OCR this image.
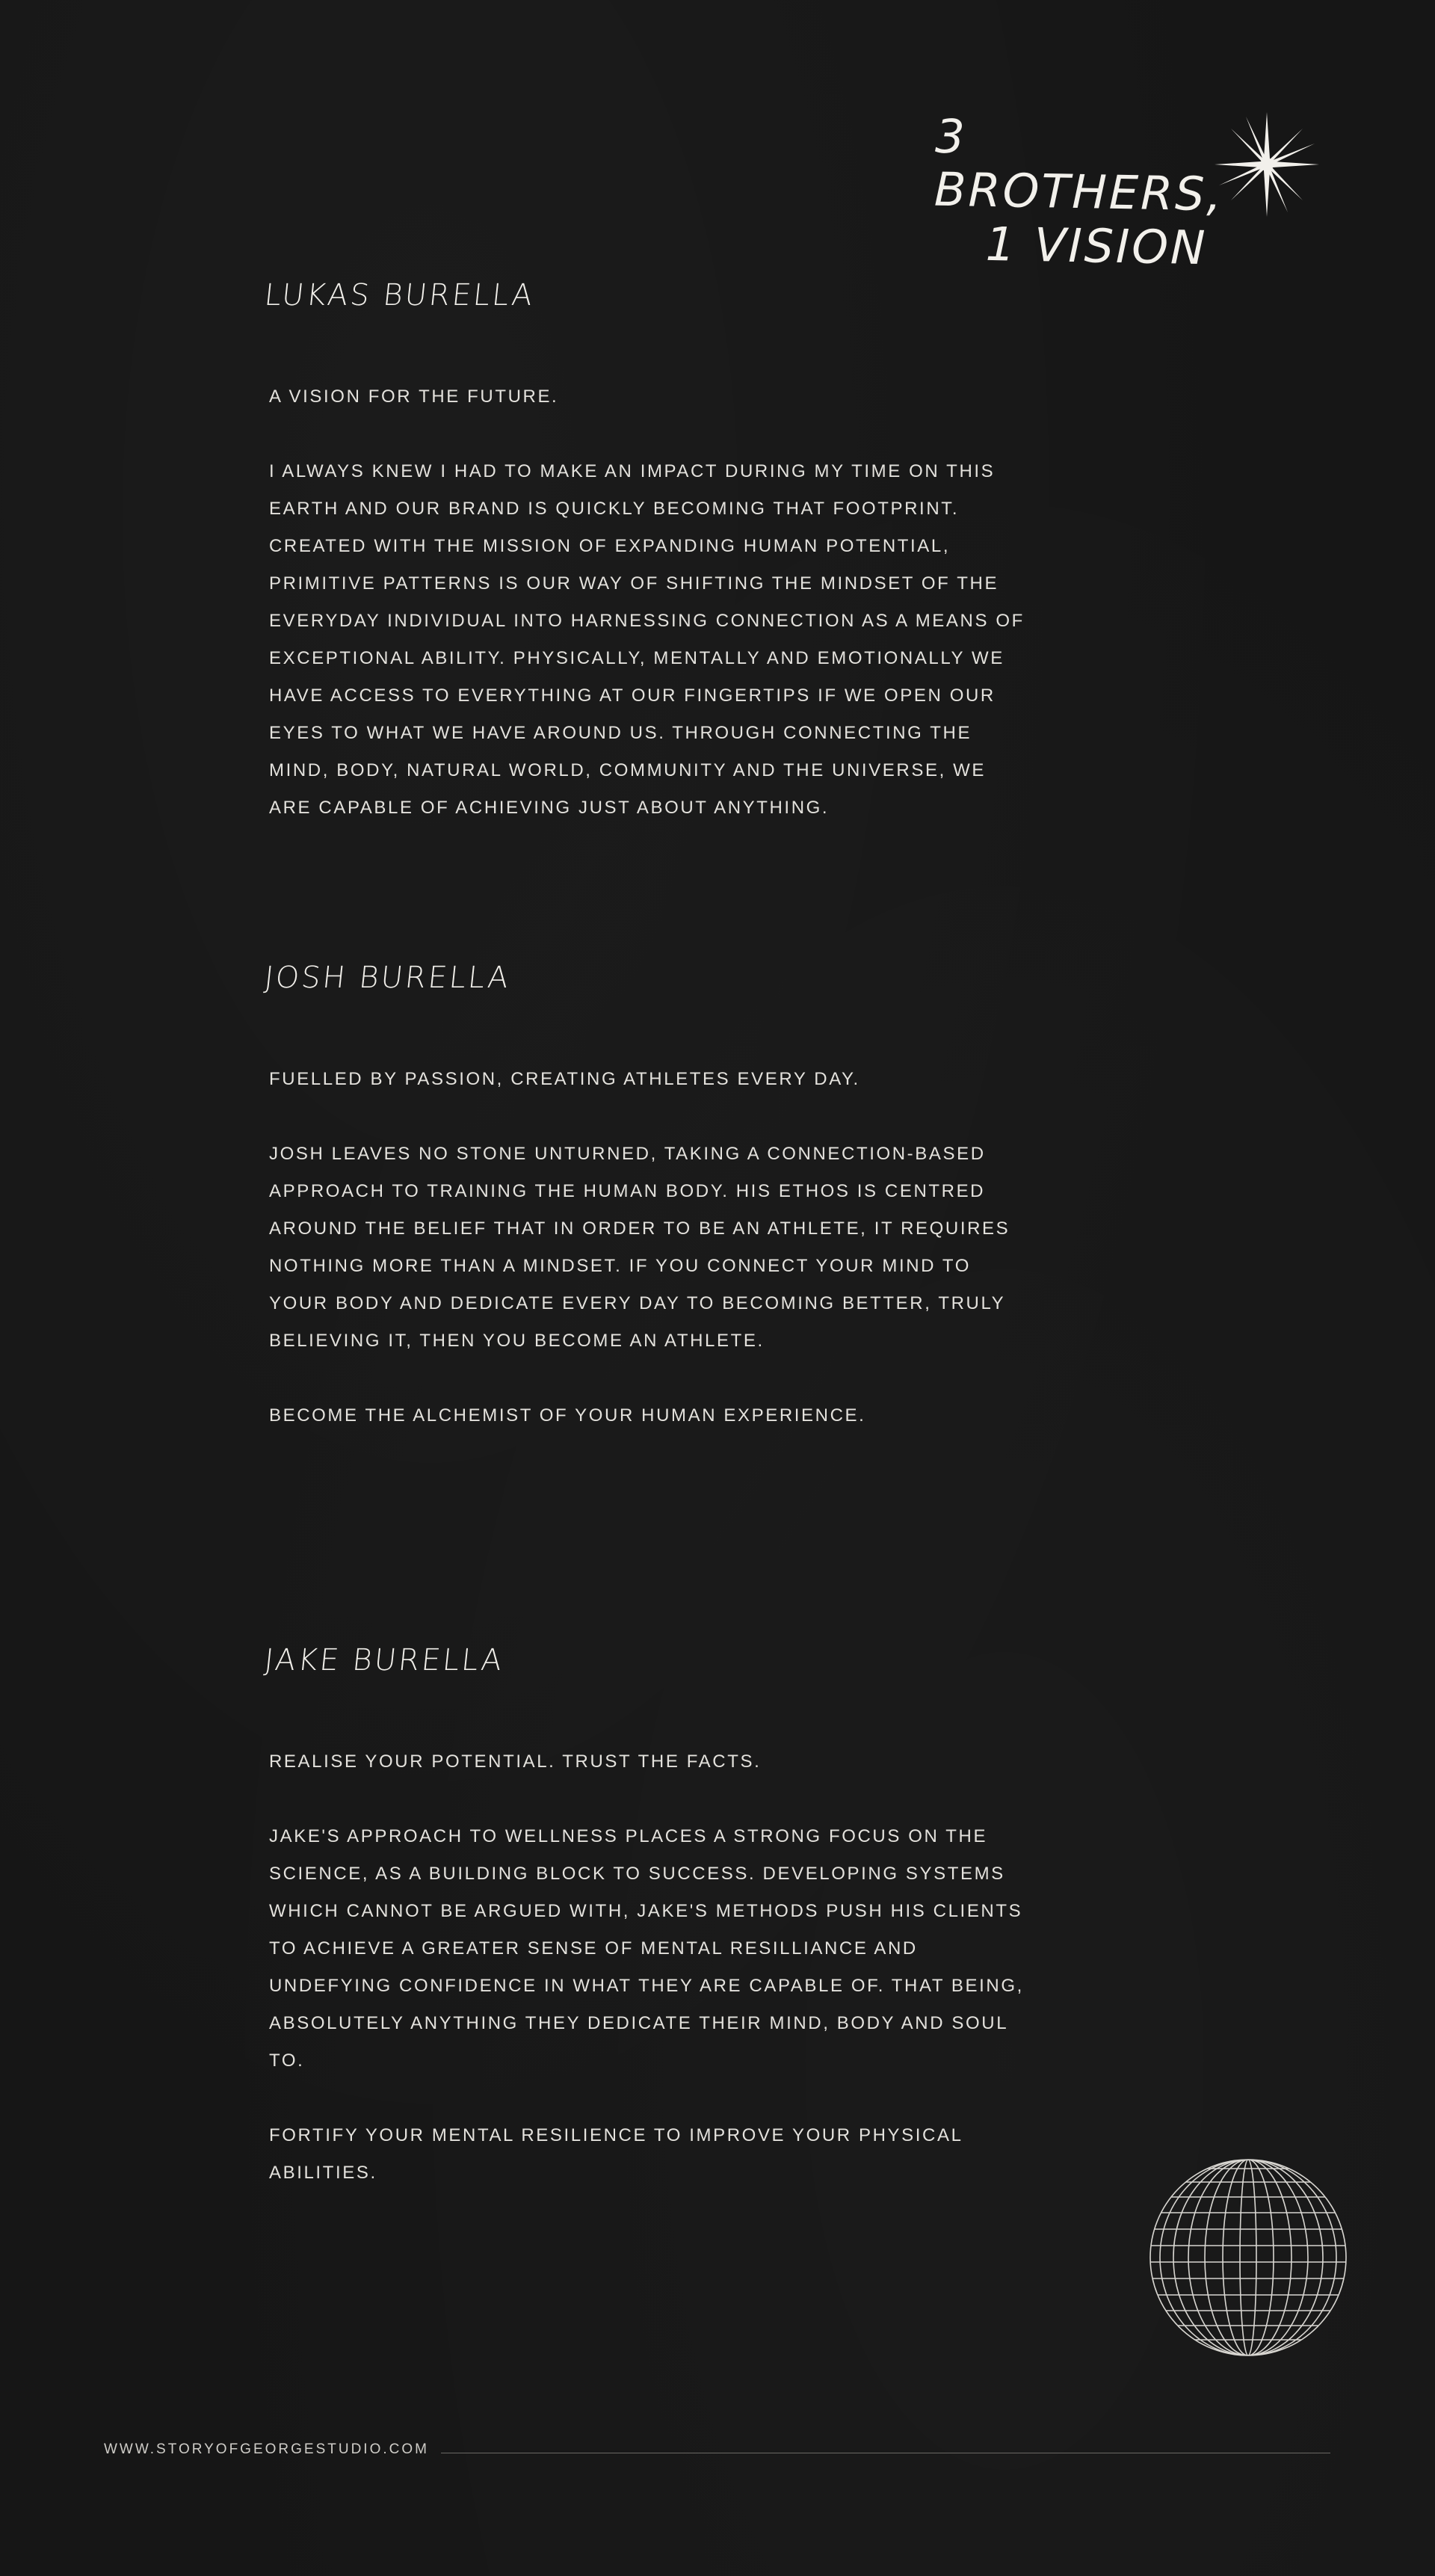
3 BROTHERS,
1 VISION
LUKAS BURELLA

A VISION FOR THE FUTURE.

I ALWAYS KNEW I HAD TO MAKE AN IMPACT DURING MY TIME ON THIS EARTH AND OUR BRAND IS QUICKLY BECOMING THAT FOOTPRINT. CREATED WITH THE MISSION OF EXPANDING HUMAN POTENTIAL, PRIMITIVE PATTERNS IS OUR WAY OF SHIFTING THE MINDSET OF THE EVERYDAY INDIVIDUAL INTO HARNESSING CONNECTION AS A MEANS OF EXCEPTIONAL ABILITY. PHYSICALLY, MENTALLY AND EMOTIONALLY WE HAVE ACCESS TO EVERYTHING AT OUR FINGERTIPS IF WE OPEN OUR EYES TO WHAT WE HAVE AROUND US. THROUGH CONNECTING THE MIND, BODY, NATURAL WORLD, COMMUNITY AND THE UNIVERSE, WE ARE CAPABLE OF ACHIEVING JUST ABOUT ANYTHING.

JOSH BURELLA

FUELLED BY PASSION, CREATING ATHLETES EVERY DAY.

JOSH LEAVES NO STONE UNTURNED, TAKING A CONNECTION-BASED APPROACH TO TRAINING THE HUMAN BODY. HIS ETHOS IS CENTRED AROUND THE BELIEF THAT IN ORDER TO BE AN ATHLETE, IT REQUIRES NOTHING MORE THAN A MINDSET. IF YOU CONNECT YOUR MIND TO YOUR BODY AND DEDICATE EVERY DAY TO BECOMING BETTER, TRULY BELIEVING IT, THEN YOU BECOME AN ATHLETE.

BECOME THE ALCHEMIST OF YOUR HUMAN EXPERIENCE.

JAKE BURELLA

REALISE YOUR POTENTIAL. TRUST THE FACTS.

JAKE'S APPROACH TO WELLNESS PLACES A STRONG FOCUS ON THE SCIENCE, AS A BUILDING BLOCK TO SUCCESS. DEVELOPING SYSTEMS WHICH CANNOT BE ARGUED WITH, JAKE'S METHODS PUSH HIS CLIENTS TO ACHIEVE A GREATER SENSE OF MENTAL RESILLIANCE AND UNDEFYING CONFIDENCE IN WHAT THEY ARE CAPABLE OF. THAT BEING, ABSOLUTELY ANYTHING THEY DEDICATE THEIR MIND, BODY AND SOUL TO.

FORTIFY YOUR MENTAL RESILIENCE TO IMPROVE YOUR PHYSICAL ABILITIES.

WWW.STORYOFGEORGESTUDIO.COM
